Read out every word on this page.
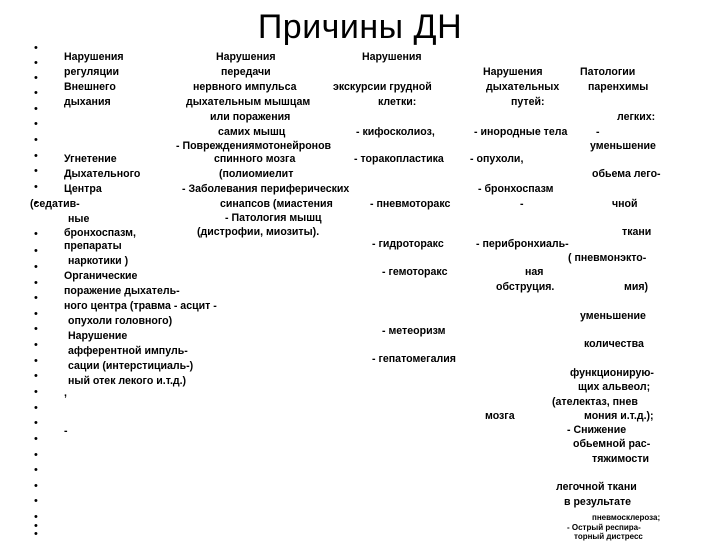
Причины ДН
•
•
•
•
•
•
•
•
•
•
•
•
•
•
•
•
•
•
•
•
•
•
•
•
•
•
•
•
•
•
•
•
Нарушения
регуляции
Внешнего
дыхания
Угнетение
Дыхательного
Центра
(седатив-
ные
бронхоспазм,
препараты
наркотики )
Органические
поражение дыхатель-
ного центра (травма - асцит -
опухоли головного)
Нарушение
афферентной импуль-
сации (интерстициаль-)
ный отек лекого и.т.д.)
,
-
Нарушения
передачи
нервного импульса
дыхательным мышцам
или поражения
самих мышц
- Повреждениямотонейронов
спинного мозга
(полиомиелит
- Заболевания периферических
синапсов (миастения
- Патология мышц
(дистрофии, миозиты).
Нарушения
экскурсии грудной
клетки:
- кифосколиоз,
- торакопластика
- пневмоторакс
- гидроторакс
- гемоторакс
- метеоризм
- гепатомегалия
Нарушения
дыхательных
путей:
- инородные тела
- опухоли,
- бронхоспазм
-
- перибронхиаль-
ная
обструция.
мозга
Патологии
паренхимы
легких:
-
уменьшение
обьема лего-
чной
ткани
( пневмонэкто-
мия)
уменьшение
количества
функционирую-
щих альвеол;
(ателектаз, пнев
мония и.т.д.);
- Снижение
обьемной рас-
тяжимости
легочной ткани
в результате
пневмосклероза;
- Острый респира-
торный дистресс
